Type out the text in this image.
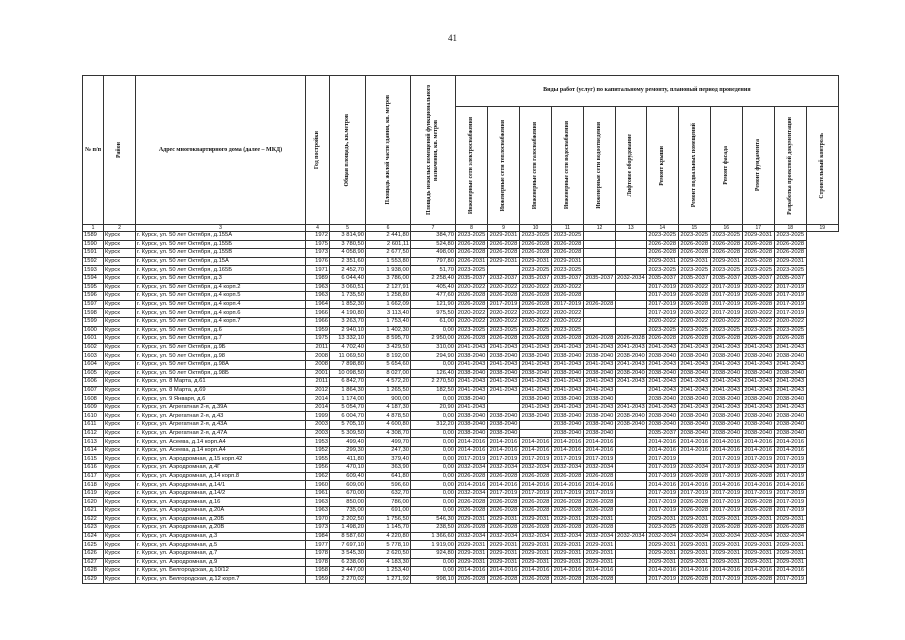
41
№ п/п	Район	Адрес многоквартирного дома (далее – МКД)	Год постройки	Общая площадь, кв.метров	Площадь жилой части здания, кв. метров	Площадь нежилых помещений функционального назначения, кв. метров	Виды работ (услуг) по капитальному ремонту, плановый период проведения											

							Инженерные сети электроснабжения	Инженерные сети теплоснабжения	Инженерные сети газоснабжения	Инженерные сети водоснабжения	Инженерные сети водоотведения	Лифтовое оборудование	Ремонт крыши	Ремонт подвальных помещений	Ремонт фасада	Ремонт фундамента	Разработка проектной документации	Строительный контроль

1	2	3	4	5	6	7	8	9	10	11	12	13	14	15	16	17	18	19
1589	Курск	г. Курск, ул. 50 лет Октября, д.155А	1972	3 814,90	2 441,80	384,70	2023-2025	2029-2031	2023-2025	2023-2025			2023-2025	2023-2025	2023-2025	2029-2031	2023-2025	
1590	Курск	г. Курск, ул. 50 лет Октября, д.155Б	1975	3 780,50	2 601,11	524,80	2026-2028	2026-2028	2026-2028	2026-2028			2026-2028	2026-2028	2026-2028	2026-2028	2026-2028	
1591	Курск	г. Курск, ул. 50 лет Октября, д.155В	1973	4 058,90	2 677,50	498,00	2026-2028	2026-2028	2026-2028	2026-2028			2026-2028	2026-2028	2026-2028	2026-2028	2026-2028	
1592	Курск	г. Курск, ул. 50 лет Октября, д.15А	1976	2 351,60	1 553,80	797,80	2026-2031	2029-2031	2029-2031	2029-2031			2029-2031	2029-2031	2029-2031	2026-2028	2029-2031	
1593	Курск	г. Курск, ул. 50 лет Октября, д.165Б	1971	2 452,70	1 938,00	51,70	2023-2025		2023-2025	2023-2025			2023-2025	2023-2025	2023-2025	2023-2025	2023-2025	
1594	Курск	г. Курск, ул. 50 лет Октября, д.3	1989	6 044,40	3 786,00	2 258,40	2035-2037	2032-2037	2035-2037	2035-2037	2035-2037	2032-2034	2035-2037	2035-2037	2035-2037	2035-2037	2035-2037	
1595	Курск	г. Курск, ул. 50 лет Октября, д.4 корп.2	1963	3 060,51	2 127,91	405,40	2020-2022	2020-2022	2020-2022	2020-2022			2017-2019	2020-2022	2017-2019	2020-2022	2017-2019	
1596	Курск	г. Курск, ул. 50 лет Октября, д.4 корп.5	1963	1 735,50	1 258,80	477,60	2026-2028	2026-2028	2026-2028	2026-2028			2017-2019	2026-2028	2017-2019	2026-2028	2017-2019	
1597	Курск	г. Курск, ул. 50 лет Октября, д.4 корп.4	1964	1 852,30	1 662,09	121,90	2026-2028	2017-2019	2026-2028	2017-2019	2026-2028		2017-2019	2026-2028	2017-2019	2026-2028	2017-2019	
1598	Курск	г. Курск, ул. 50 лет Октября, д.4 корп.6	1966	4 190,80	3 113,40	975,50	2020-2022	2020-2022	2020-2022	2020-2022			2017-2019	2020-2022	2017-2019	2020-2022	2017-2019	
1599	Курск	г. Курск, ул. 50 лет Октября, д.4 корп.7	1966	3 263,70	1 753,40	61,00	2020-2022	2020-2022	2020-2022	2020-2022			2020-2022	2020-2022	2020-2022	2020-2022	2020-2022	
1600	Курск	г. Курск, ул. 50 лет Октября, д.6	1959	2 940,10	1 402,30	0,00	2023-2025	2023-2025	2023-2025	2023-2025			2023-2025	2023-2025	2023-2025	2023-2025	2023-2025	
1601	Курск	г. Курск, ул. 50 лет Октября, д.7	1975	13 332,10	8 595,70	2 950,00	2026-2028	2026-2028	2026-2028	2026-2028	2026-2028	2026-2028	2026-2028	2026-2028	2026-2028	2026-2028	2026-2028	
1602	Курск	г. Курск, ул. 50 лет Октября, д.9Б	2011	4 702,40	3 429,50	310,00	2041-2043	2041-2043	2041-2043	2041-2043	2041-2043	2041-2043	2041-2043	2041-2043	2041-2043	2041-2043	2041-2043	
1603	Курск	г. Курск, ул. 50 лет Октября, д.98	2008	11 069,50	8 192,00	294,90	2038-2040	2038-2040	2038-2040	2038-2040	2038-2040	2038-2040	2038-2040	2038-2040	2038-2040	2038-2040	2038-2040	
1604	Курск	г. Курск, ул. 50 лет Октября, д.98А	2008	7 898,80	5 654,60	0,00	2041-2043	2041-2043	2041-2043	2041-2043	2041-2043	2041-2043	2041-2043	2041-2043	2041-2043	2041-2043	2041-2043	
1605	Курск	г. Курск, ул. 50 лет Октября, д.98Б	2001	10 098,50	8 027,00	126,40	2038-2040	2038-2040	2038-2040	2038-2040	2038-2040	2038-2040	2038-2040	2038-2040	2038-2040	2038-2040	2038-2040	
1606	Курск	г. Курск, ул. 8 Марта, д.61	2011	6 842,70	4 572,20	2 270,50	2041-2043	2041-2043	2041-2043	2041-2043	2041-2043	2041-2043	2041-2043	2041-2043	2041-2043	2041-2043	2041-2043	
1607	Курск	г. Курск, ул. 8 Марта, д.69	2012	1 864,30	1 265,50	182,50	2041-2043	2041-2043	2041-2043	2041-2043	2041-2043		2041-2043	2041-2043	2041-2043	2041-2043	2041-2043	
1608	Курск	г. Курск, ул. 9 Января, д.6	2014	1 174,00	900,00	0,00	2038-2040		2038-2040	2038-2040	2038-2040		2038-2040	2038-2040	2038-2040	2038-2040	2038-2040	
1609	Курск	г. Курск, ул. Агрегатная 2-я, д.39А	2014	5 054,70	4 187,30	20,90	2041-2043		2041-2043	2041-2043	2041-2043	2041-2043	2041-2043	2041-2043	2041-2043	2041-2043	2041-2043	
1610	Курск	г. Курск, ул. Агрегатная 2-я, д.43	1999	6 004,70	4 878,50	0,00	2038-2040	2038-2040	2038-2040	2038-2040	2038-2040	2038-2040	2038-2040	2038-2040	2038-2040	2038-2040	2038-2040	
1611	Курск	г. Курск, ул. Агрегатная 2-я, д.43А	2003	5 705,10	4 600,80	312,20	2038-2040	2038-2040		2038-2040	2038-2040	2038-2040	2038-2040	2038-2040	2038-2040	2038-2040	2038-2040	
1612	Курск	г. Курск, ул. Агрегатная 2-я, д.47А	2003	5 309,50	4 308,70	0,00	2038-2040	2038-2040		2038-2040	2038-2040		2035-2037	2038-2040	2038-2040	2038-2040	2038-2040	
1613	Курск	г. Курск, ул. Асеева, д.14 корп.А4	1953	499,40	499,70	0,00	2014-2016	2014-2016	2014-2016	2014-2016	2014-2016		2014-2016	2014-2016	2014-2016	2014-2016	2014-2016	
1614	Курск	г. Курск, ул. Асеева, д.14 корп.А4	1952	299,30	247,30	0,00	2014-2016	2014-2016	2014-2016	2014-2016	2014-2016		2014-2016	2014-2016	2014-2016	2014-2016	2014-2016	
1615	Курск	г. Курск, ул. Аэродромная, д.15 корп.42	1955	411,80	379,40	0,00	2017-2019	2017-2019	2017-2019	2017-2019	2017-2019		2017-2019		2017-2019	2017-2019	2017-2019	
1616	Курск	г. Курск, ул. Аэродромная, д.4Г	1956	470,10	363,90	0,00	2032-2034	2032-2034	2032-2034	2032-2034	2032-2034		2017-2019	2032-2034	2017-2019	2032-2034	2017-2019	
1617	Курск	г. Курск, ул. Аэродромная, д.14 корп.8	1962	609,40	641,80	0,00	2026-2028	2026-2028	2026-2028	2026-2028	2026-2028		2017-2019	2026-2028	2017-2019	2026-2028	2017-2019	
1618	Курск	г. Курск, ул. Аэродромная, д.14/1	1960	609,00	596,60	0,00	2014-2016	2014-2016	2014-2016	2014-2016	2014-2016		2014-2016	2014-2016	2014-2016	2014-2016	2014-2016	
1619	Курск	г. Курск, ул. Аэродромная, д.14/2	1961	670,00	632,70	0,00	2032-2034	2017-2019	2017-2019	2017-2019	2017-2019		2017-2019	2017-2019	2017-2019	2017-2019	2017-2019	
1620	Курск	г. Курск, ул. Аэродромная, д.16	1963	850,00	786,00	0,00	2026-2028	2026-2028	2026-2028	2026-2028	2026-2028		2017-2019	2026-2028	2017-2019	2026-2028	2017-2019	
1621	Курск	г. Курск, ул. Аэродромная, д.20А	1963	735,00	691,00	0,00	2026-2028	2026-2028	2026-2028	2026-2028	2026-2028		2017-2019	2026-2028	2017-2019	2026-2028	2017-2019	
1622	Курск	г. Курск, ул. Аэродромная, д.20Б	1970	2 202,50	1 756,50	546,30	2029-2031	2029-2031	2029-2031	2029-2031	2029-2031		2029-2031	2029-2031	2029-2031	2029-2031	2029-2031	
1623	Курск	г. Курск, ул. Аэродромная, д.20В	1973	1 498,20	1 145,70	238,50	2026-2028	2026-2028	2026-2028	2026-2028	2026-2028		2023-2025	2026-2028	2026-2028	2026-2028	2026-2028	
1624	Курск	г. Курск, ул. Аэродромная, д.3	1984	8 587,60	4 220,80	1 366,60	2032-2034	2032-2034	2032-2034	2032-2034	2032-2034	2032-2034	2032-2034	2032-2034	2032-2034	2032-2034	2032-2034	
1625	Курск	г. Курск, ул. Аэродромная, д.5	1977	7 697,10	5 778,10	1 919,00	2029-2031	2029-2031	2029-2031	2029-2031	2029-2031		2029-2031	2029-2031	2029-2031	2029-2031	2029-2031	
1626	Курск	г. Курск, ул. Аэродромная, д.7	1978	3 545,30	2 620,50	924,80	2029-2031	2029-2031	2029-2031	2029-2031	2029-2031		2029-2031	2029-2031	2029-2031	2029-2031	2029-2031	
1627	Курск	г. Курск, ул. Аэродромная, д.9	1978	6 238,00	4 183,30	0,00	2029-2031	2029-2031	2029-2031	2029-2031	2029-2031		2029-2031	2029-2031	2029-2031	2029-2031	2029-2031	
1628	Курск	г. Курск, ул. Белгородская, д.10/12	1958	2 447,00	1 253,40	0,00	2014-2016	2014-2016	2014-2016	2014-2016	2014-2016		2014-2016	2014-2016	2014-2016	2014-2016	2014-2016	
1629	Курск	г. Курск, ул. Белгородская, д.12 корп.7	1959	2 270,02	1 271,92	998,10	2026-2028	2026-2028	2026-2028	2026-2028	2026-2028		2017-2019	2026-2028	2017-2019	2026-2028	2017-2019	
